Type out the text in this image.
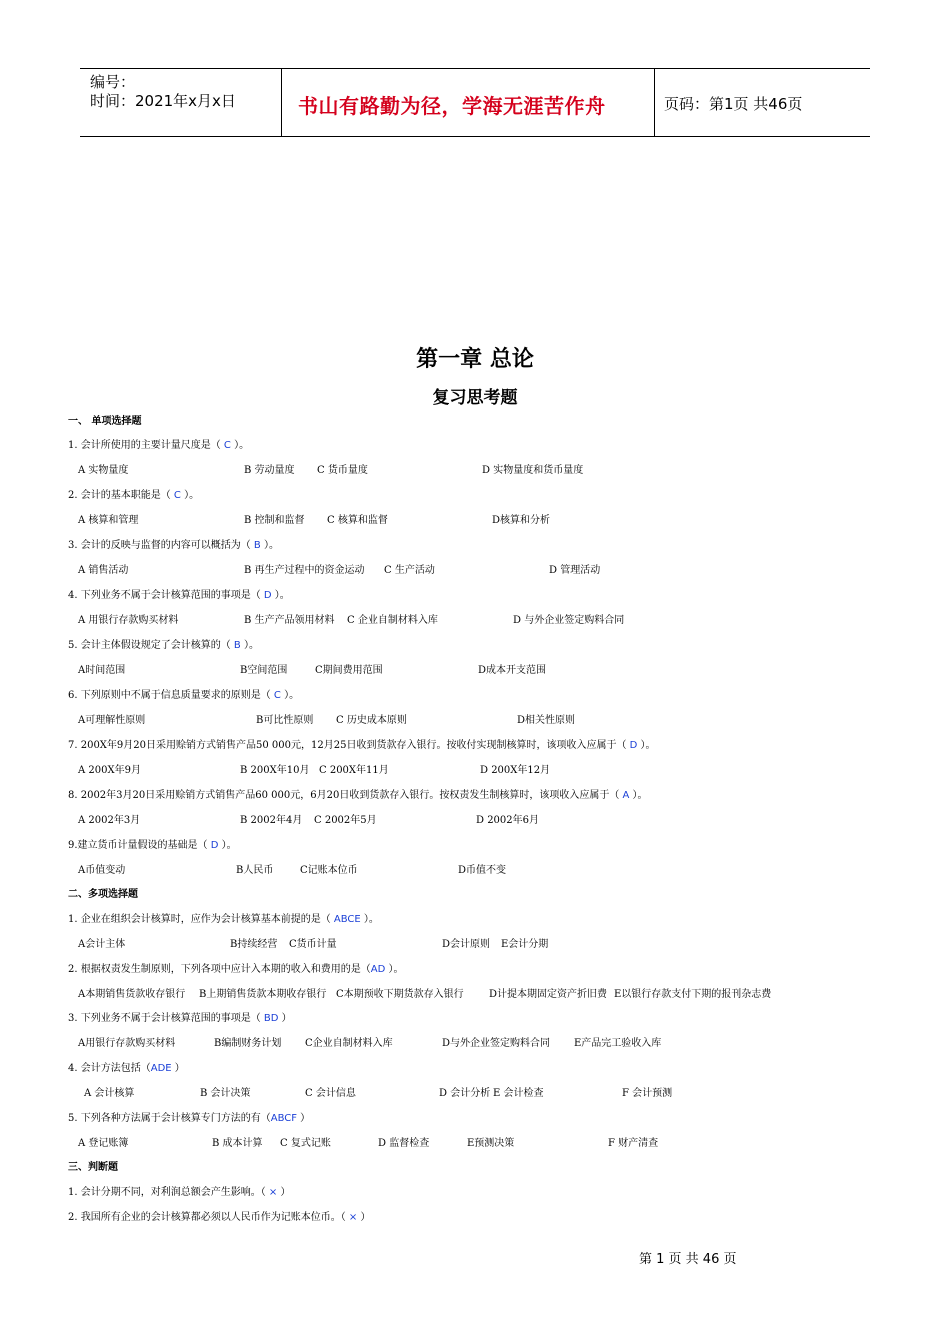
编号：
时间：2021年x月x日	书山有路勤为径，学海无涯苦作舟	页码：第1页 共46页
第一章 总论
复习思考题
一、 单项选择题
1. 会计所使用的主要计量尺度是（ C ）。
A 实物量度	B 劳动量度 C 货币量度	D 实物量度和货币量度
2. 会计的基本职能是（ C ）。
A 核算和管理	B 控制和监督 C 核算和监督	D核算和分析
3. 会计的反映与监督的内容可以概括为（ B ）。
A 销售活动	B 再生产过程中的资金运动 C 生产活动	D 管理活动
4. 下列业务不属于会计核算范围的事项是（ D ）。
A 用银行存款购买材料	B 生产产品领用材料 C 企业自制材料入库	D 与外企业签定购料合同
5. 会计主体假设规定了会计核算的（ B ）。
A时间范围	B空间范围	C期间费用范围	D成本开支范围
6. 下列原则中不属于信息质量要求的原则是（ C ）。
A可理解性原则	B可比性原则 C 历史成本原则	D相关性原则
7. 200X年9月20日采用赊销方式销售产品50 000元，12月25日收到货款存入银行。按收付实现制核算时，该项收入应属于（ D ）。
A 200X年9月	B 200X年10月 C 200X年11月	D 200X年12月
8. 2002年3月20日采用赊销方式销售产品60 000元，6月20日收到货款存入银行。按权责发生制核算时，该项收入应属于（ A ）。
A 2002年3月	B 2002年4月 C 2002年5月	D 2002年6月
9.建立货币计量假设的基础是（ D ）。
A币值变动	B人民币	C记账本位币	D币值不变
二、多项选择题
1. 企业在组织会计核算时，应作为会计核算基本前提的是（ ABCE ）。
A会计主体	B持续经营 C货币计量	D会计原则 E会计分期
2. 根据权责发生制原则，下列各项中应计入本期的收入和费用的是（AD ）。
A本期销售货款收存银行 B上期销售货款本期收存银行 C本期预收下期货款存入银行	D计提本期固定资产折旧费 E以银行存款支付下期的报刊杂志费
3. 下列业务不属于会计核算范围的事项是（ BD ）
A用银行存款购买材料	B编制财务计划 C企业自制材料入库	D与外企业签定购料合同 E产品完工验收入库
4. 会计方法包括（ADE ）
A 会计核算	B 会计决策	C 会计信息	D 会计分析 E 会计检查	F 会计预测
5. 下列各种方法属于会计核算专门方法的有（ABCF ）
A 登记账簿	B 成本计算 C 复式记账	D 监督检查	E预测决策	F 财产清查
三、判断题
1. 会计分期不同，对利润总额会产生影响。（ × ）
2. 我国所有企业的会计核算都必须以人民币作为记账本位币。（ × ）
第 1 页 共 46 页
